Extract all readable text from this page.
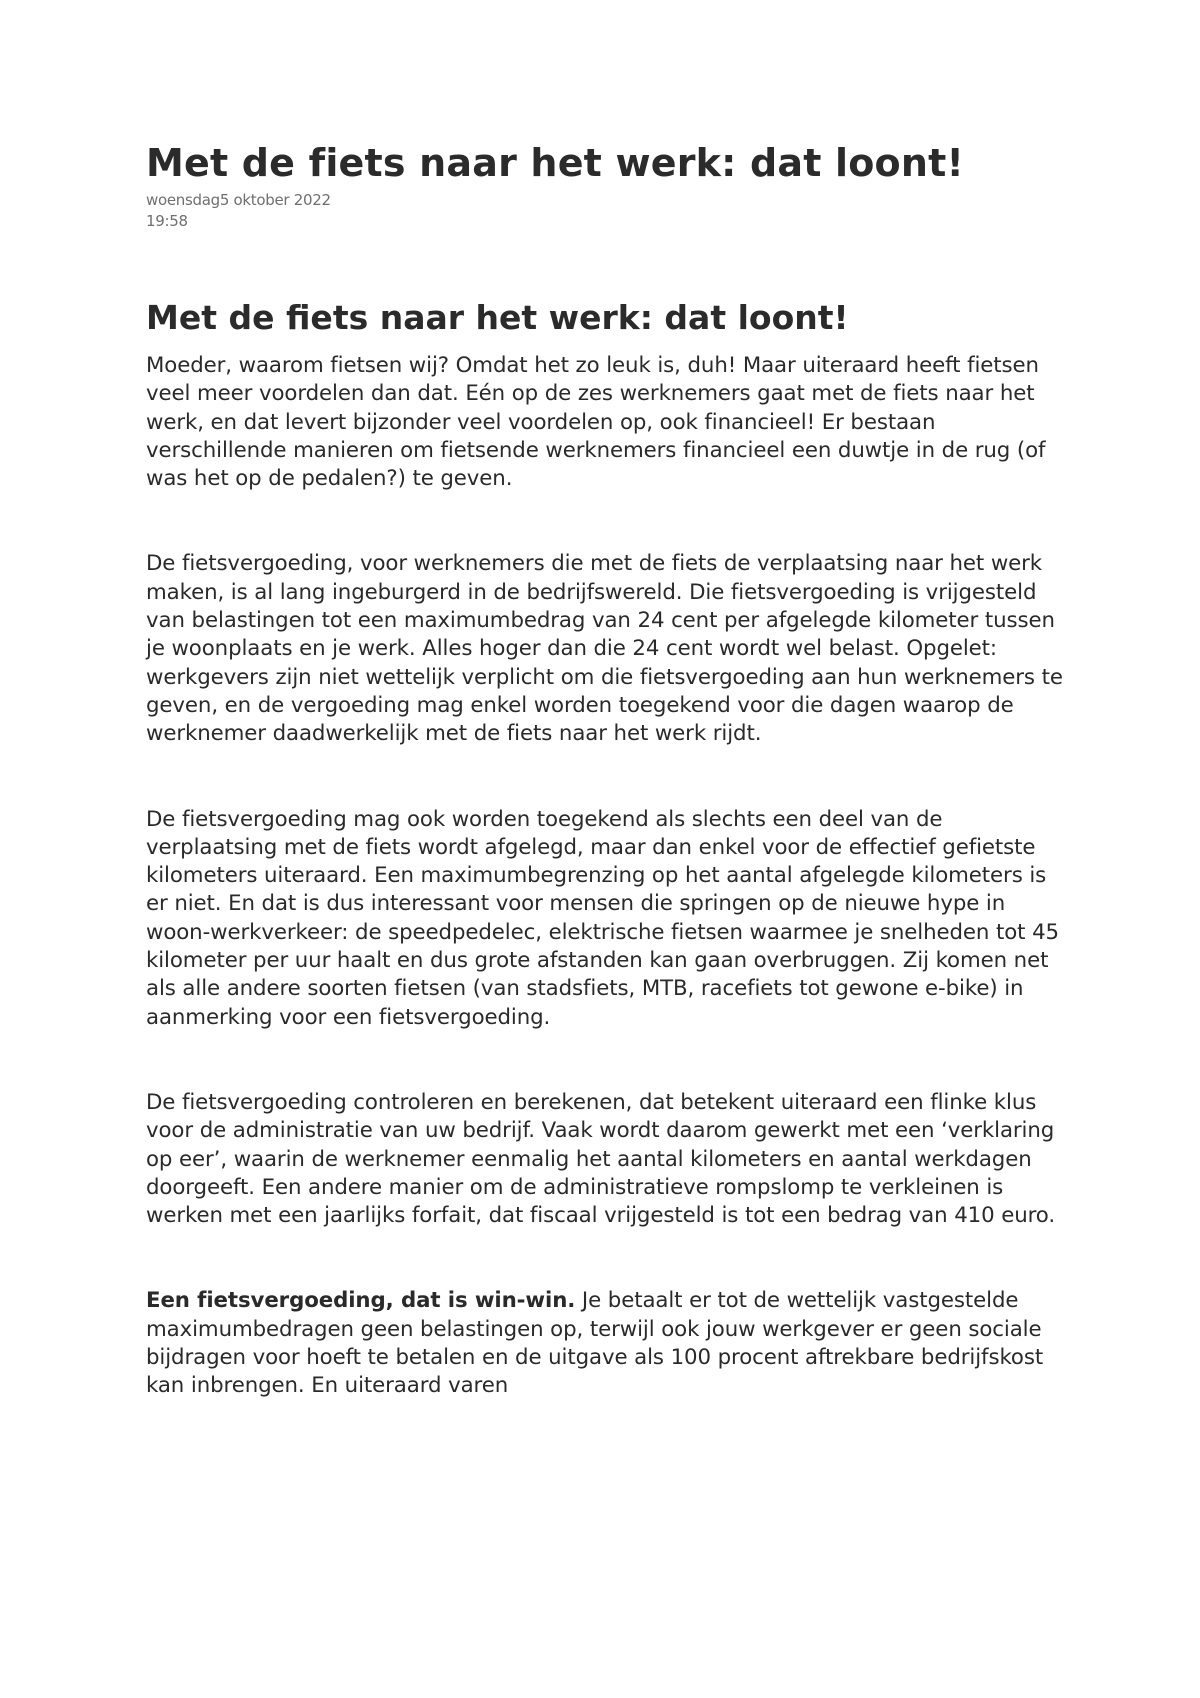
Met de fiets naar het werk: dat loont!
woensdag5 oktober 2022
19:58
Met de fiets naar het werk: dat loont!

Moeder, waarom fietsen wij? Omdat het zo leuk is, duh! Maar uiteraard heeft fietsen veel meer voordelen dan dat. Eén op de zes werknemers gaat met de fiets naar het werk, en dat levert bijzonder veel voordelen op, ook financieel! Er bestaan verschillende manieren om fietsende werknemers financieel een duwtje in de rug (of was het op de pedalen?) te geven.

De fietsvergoeding, voor werknemers die met de fiets de verplaatsing naar het werk maken, is al lang ingeburgerd in de bedrijfswereld. Die fietsvergoeding is vrijgesteld van belastingen tot een maximumbedrag van 24 cent per afgelegde kilometer tussen je woonplaats en je werk. Alles hoger dan die 24 cent wordt wel belast. Opgelet: werkgevers zijn niet wettelijk verplicht om die fietsvergoeding aan hun werknemers te geven, en de vergoeding mag enkel worden toegekend voor die dagen waarop de werknemer daadwerkelijk met de fiets naar het werk rijdt.

De fietsvergoeding mag ook worden toegekend als slechts een deel van de verplaatsing met de fiets wordt afgelegd, maar dan enkel voor de effectief gefietste kilometers uiteraard. Een maximumbegrenzing op het aantal afgelegde kilometers is er niet. En dat is dus interessant voor mensen die springen op de nieuwe hype in woon-werkverkeer: de speedpedelec, elektrische fietsen waarmee je snelheden tot 45 kilometer per uur haalt en dus grote afstanden kan gaan overbruggen. Zij komen net als alle andere soorten fietsen (van stadsfiets, MTB, racefiets tot gewone e-bike) in aanmerking voor een fietsvergoeding.

De fietsvergoeding controleren en berekenen, dat betekent uiteraard een flinke klus voor de administratie van uw bedrijf. Vaak wordt daarom gewerkt met een ‘verklaring op eer’, waarin de werknemer eenmalig het aantal kilometers en aantal werkdagen doorgeeft. Een andere manier om de administratieve rompslomp te verkleinen is werken met een jaarlijks forfait, dat fiscaal vrijgesteld is tot een bedrag van 410 euro.

Een fietsvergoeding, dat is win-win. Je betaalt er tot de wettelijk vastgestelde maximumbedragen geen belastingen op, terwijl ook jouw werkgever er geen sociale bijdragen voor hoeft te betalen en de uitgave als 100 procent aftrekbare bedrijfskost kan inbrengen. En uiteraard varen
